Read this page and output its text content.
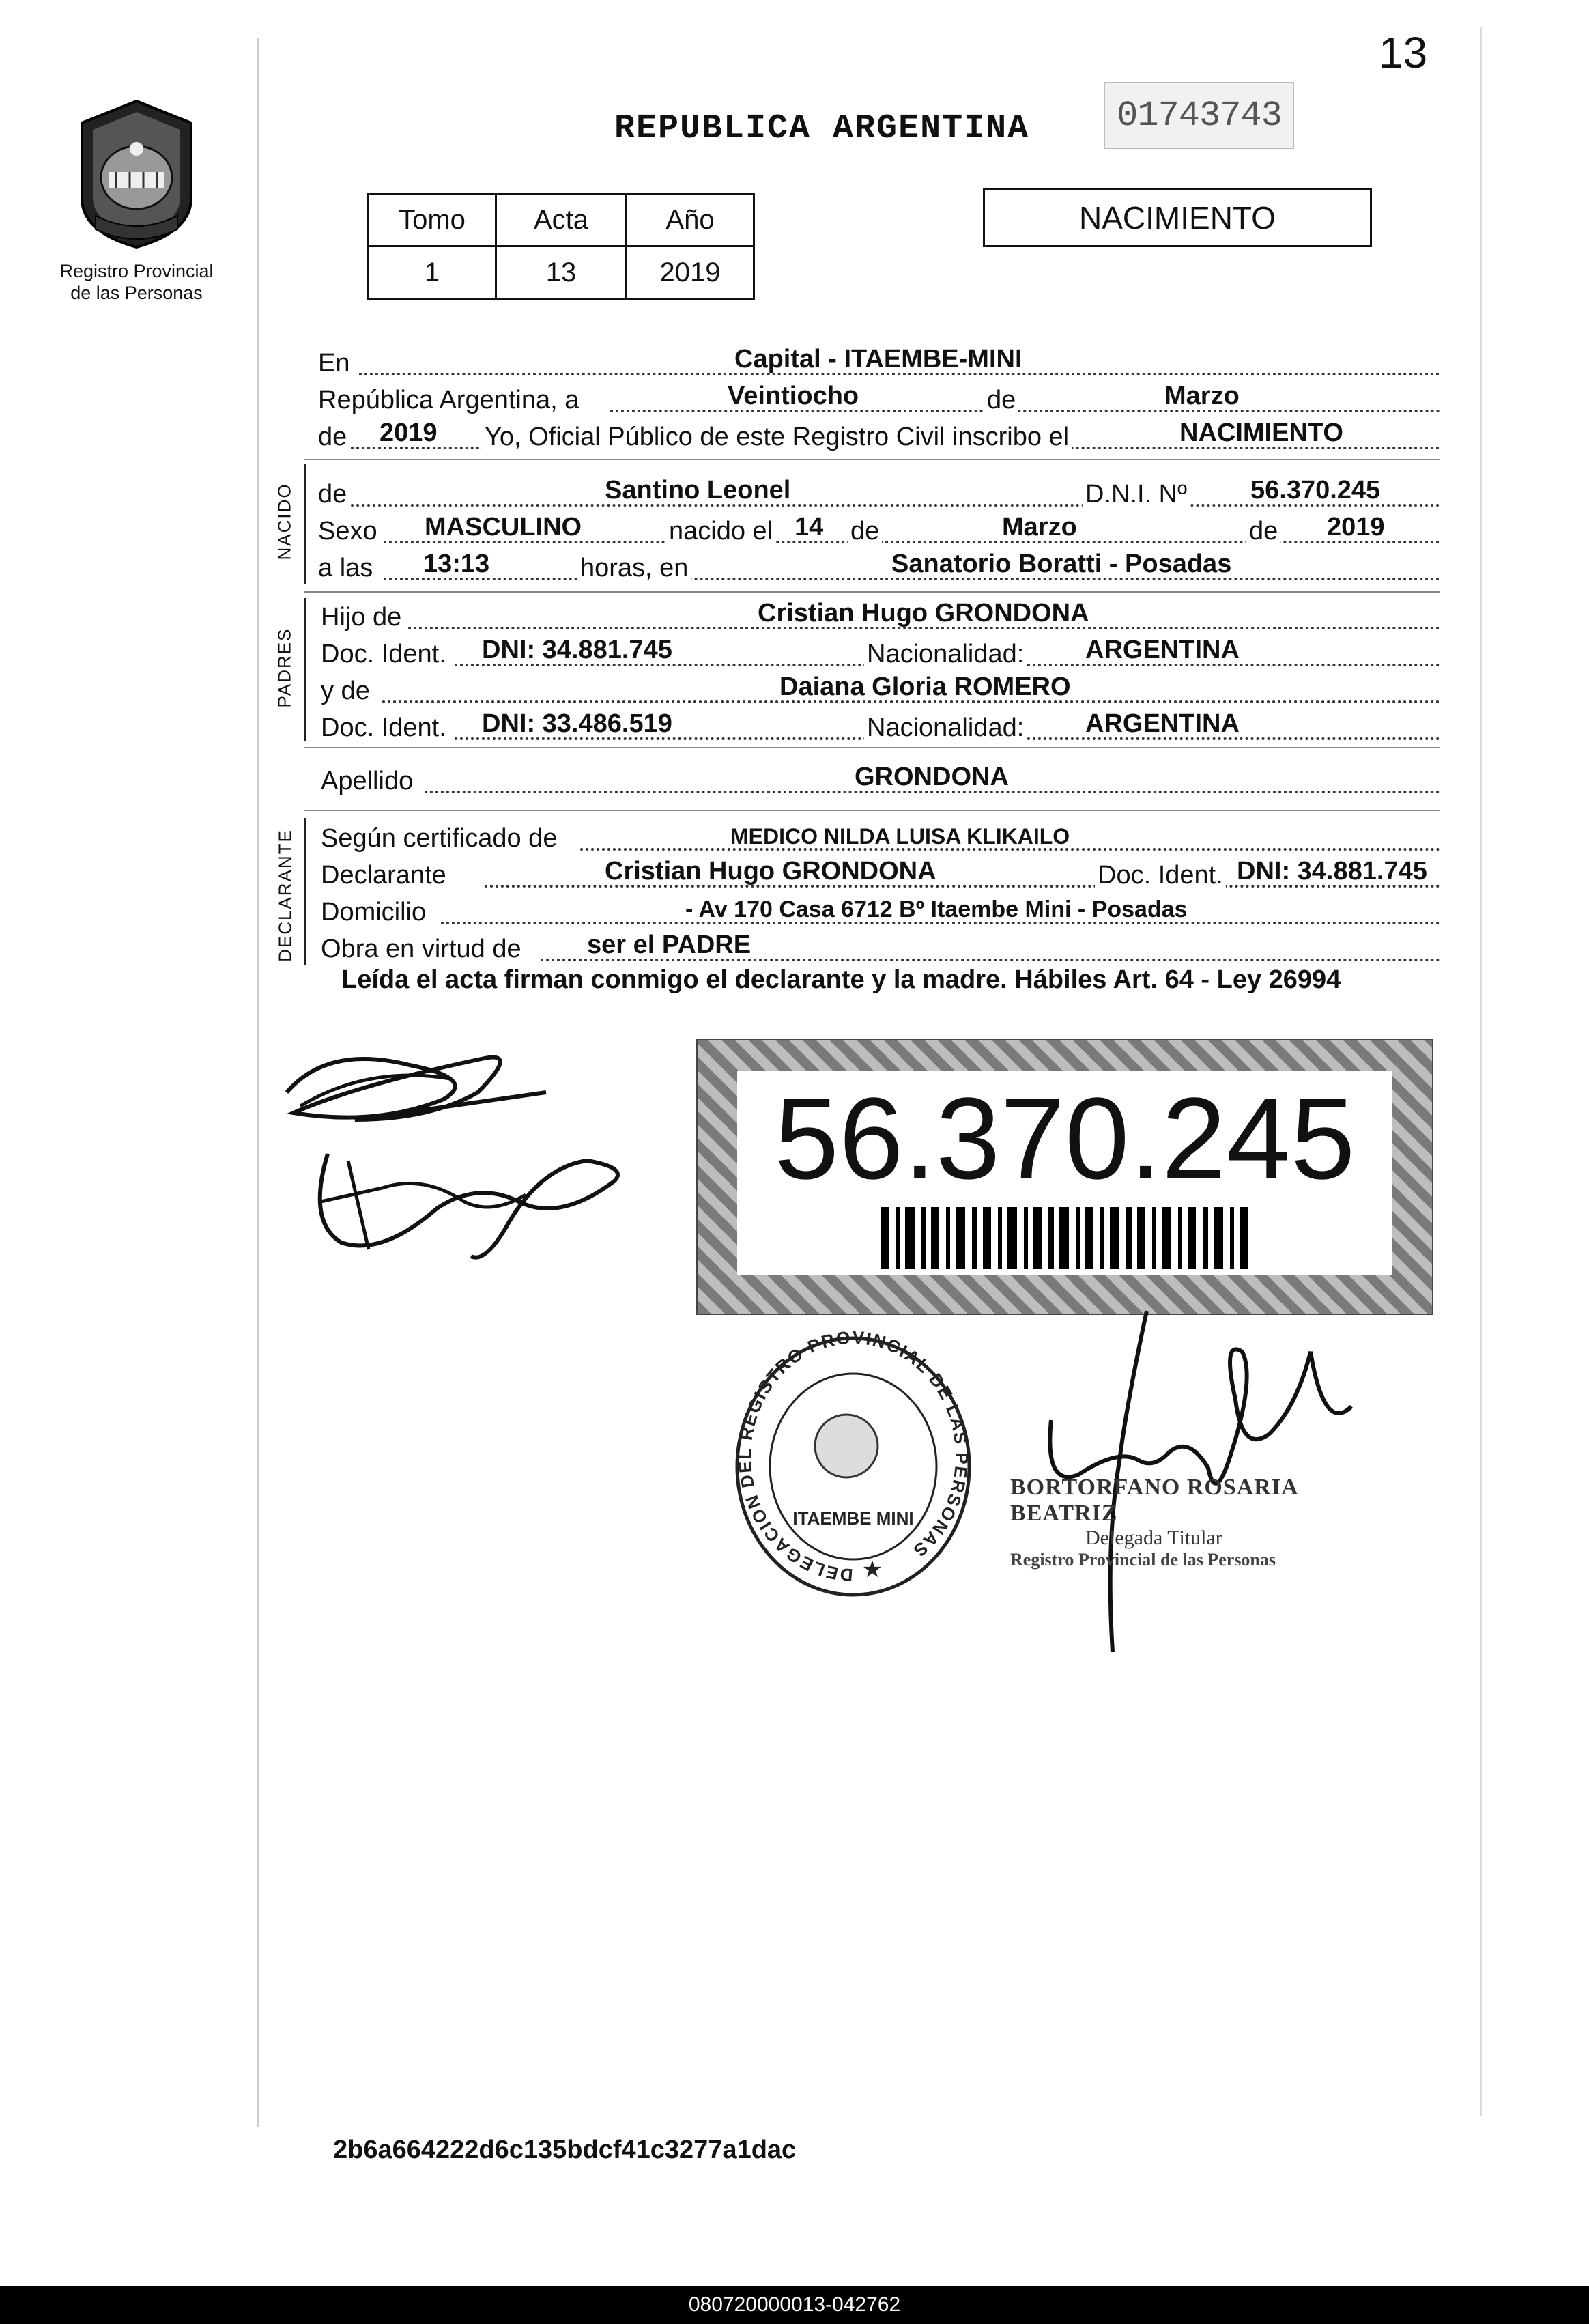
13
Registro Provincial de las Personas
REPUBLICA ARGENTINA	01743743
Tomo	Acta	Año
1	13	2019
NACIMIENTO
En	Capital - ITAEMBE-MINI
República Argentina, a	Veintiocho	de	Marzo
de 2019 Yo, Oficial Público de este Registro Civil inscribo el	NACIMIENTO
NACIDO de	Santino Leonel	D.N.I. Nº 56.370.245
Sexo MASCULINO	nacido el 14 de	Marzo	de 2019
a las 13:13	horas, en	Sanatorio Boratti - Posadas
PADRES
Hijo de	Cristian Hugo GRONDONA
Doc. Ident. DNI: 34.881.745	Nacionalidad: ARGENTINA
y de	Daiana Gloria ROMERO
Doc. Ident. DNI: 33.486.519	Nacionalidad: ARGENTINA
Apellido	GRONDONA
DECLARANTE Según certificado de	MEDICO NILDA LUISA KLIKAILO
Declarante	Cristian Hugo GRONDONA	Doc. Ident. DNI: 34.881.745
Domicilio	- Av 170 Casa 6712 Bº Itaembe Mini - Posadas
Obra en virtud de	ser el PADRE
Leída el acta firman conmigo el declarante y la madre. Hábiles Art. 64 - Ley 26994
56.370.245
DELEGACION DEL REGISTRO PROVINCIAL DE LAS PERSONAS
ITAEMBE MINI
★
BORTORFANO ROSARIA BEATRIZ
Delegada Titular
Registro Provincial de las Personas
2b6a664222d6c135bdcf41c3277a1dac
080720000013-042762
